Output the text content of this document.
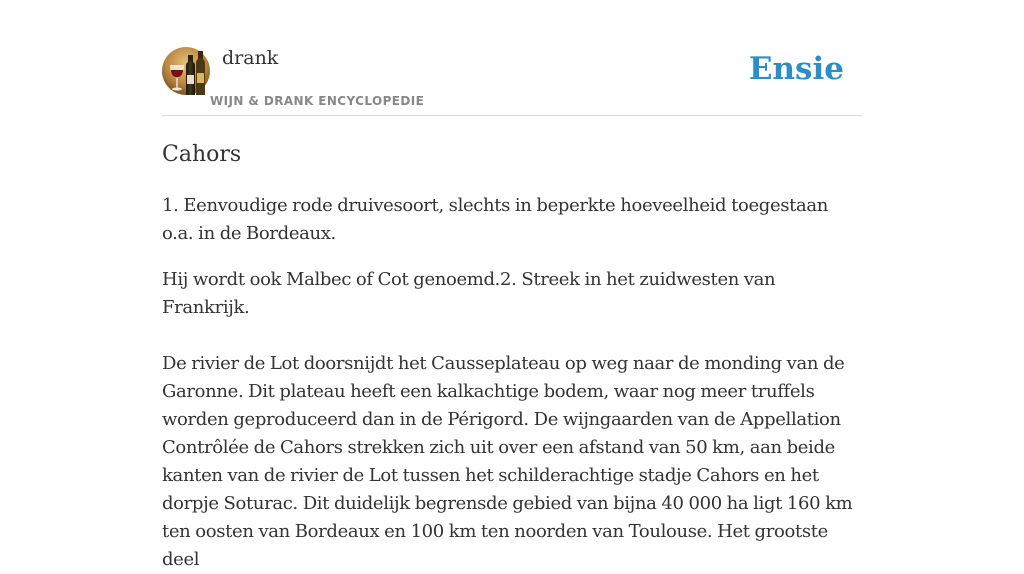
drank
WIJN & DRANK ENCYCLOPEDIE
Ensie
Cahors

1. Eenvoudige rode druivesoort, slechts in beperkte hoeveelheid toegestaan o.a. in de Bordeaux.

Hij wordt ook Malbec of Cot genoemd.2. Streek in het zuidwesten van Frankrijk.

De rivier de Lot doorsnijdt het Causseplateau op weg naar de monding van de Garonne. Dit plateau heeft een kalkachtige bodem, waar nog meer truffels worden geproduceerd dan in de Périgord. De wijngaarden van de Appellation Contrôlée de Cahors strekken zich uit over een afstand van 50 km, aan beide kanten van de rivier de Lot tussen het schilderachtige stadje Cahors en het dorpje Soturac. Dit duidelijk begrensde gebied van bijna 40 000 ha ligt 160 km ten oosten van Bordeaux en 100 km ten noorden van Toulouse. Het grootste deel
